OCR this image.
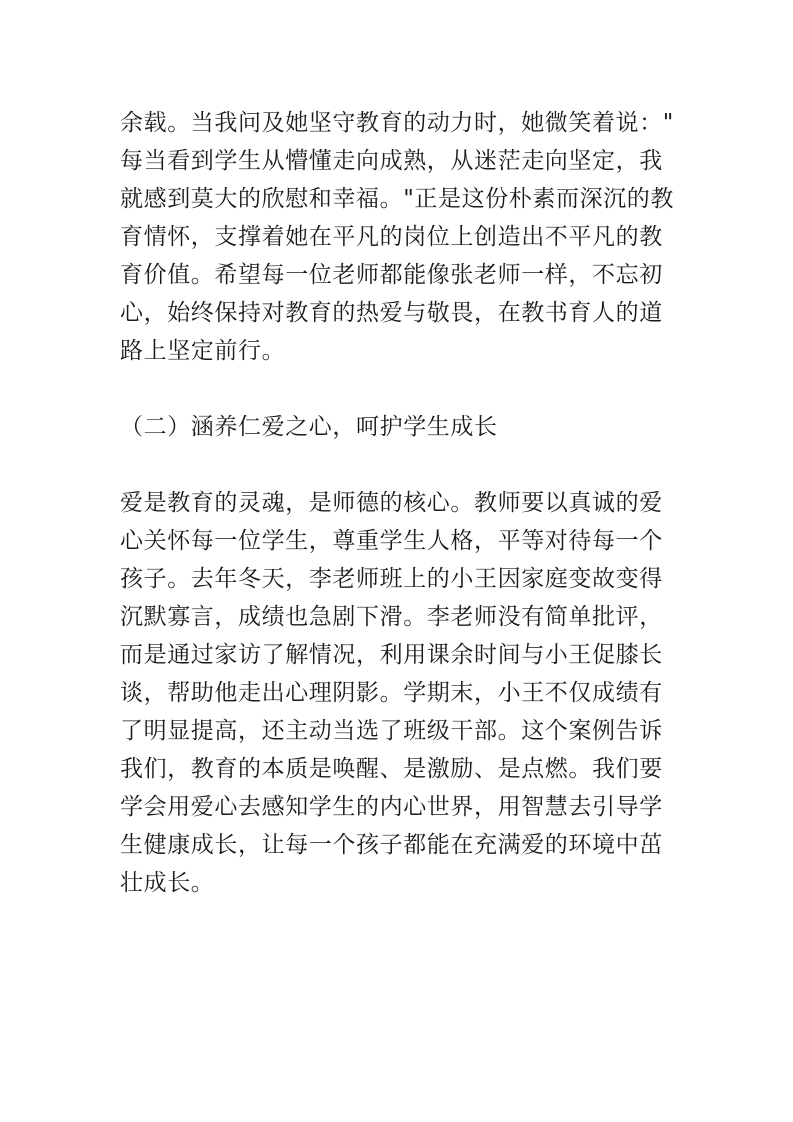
余载。当我问及她坚守教育的动力时，她微笑着说："
每当看到学生从懵懂走向成熟，从迷茫走向坚定，我
就感到莫大的欣慰和幸福。"正是这份朴素而深沉的教
育情怀，支撑着她在平凡的岗位上创造出不平凡的教
育价值。希望每一位老师都能像张老师一样，不忘初
心，始终保持对教育的热爱与敬畏，在教书育人的道
路上坚定前行。
（二）涵养仁爱之心，呵护学生成长
爱是教育的灵魂，是师德的核心。教师要以真诚的爱
心关怀每一位学生，尊重学生人格，平等对待每一个
孩子。去年冬天，李老师班上的小王因家庭变故变得
沉默寡言，成绩也急剧下滑。李老师没有简单批评，
而是通过家访了解情况，利用课余时间与小王促膝长
谈，帮助他走出心理阴影。学期末，小王不仅成绩有
了明显提高，还主动当选了班级干部。这个案例告诉
我们，教育的本质是唤醒、是激励、是点燃。我们要
学会用爱心去感知学生的内心世界，用智慧去引导学
生健康成长，让每一个孩子都能在充满爱的环境中茁
壮成长。
